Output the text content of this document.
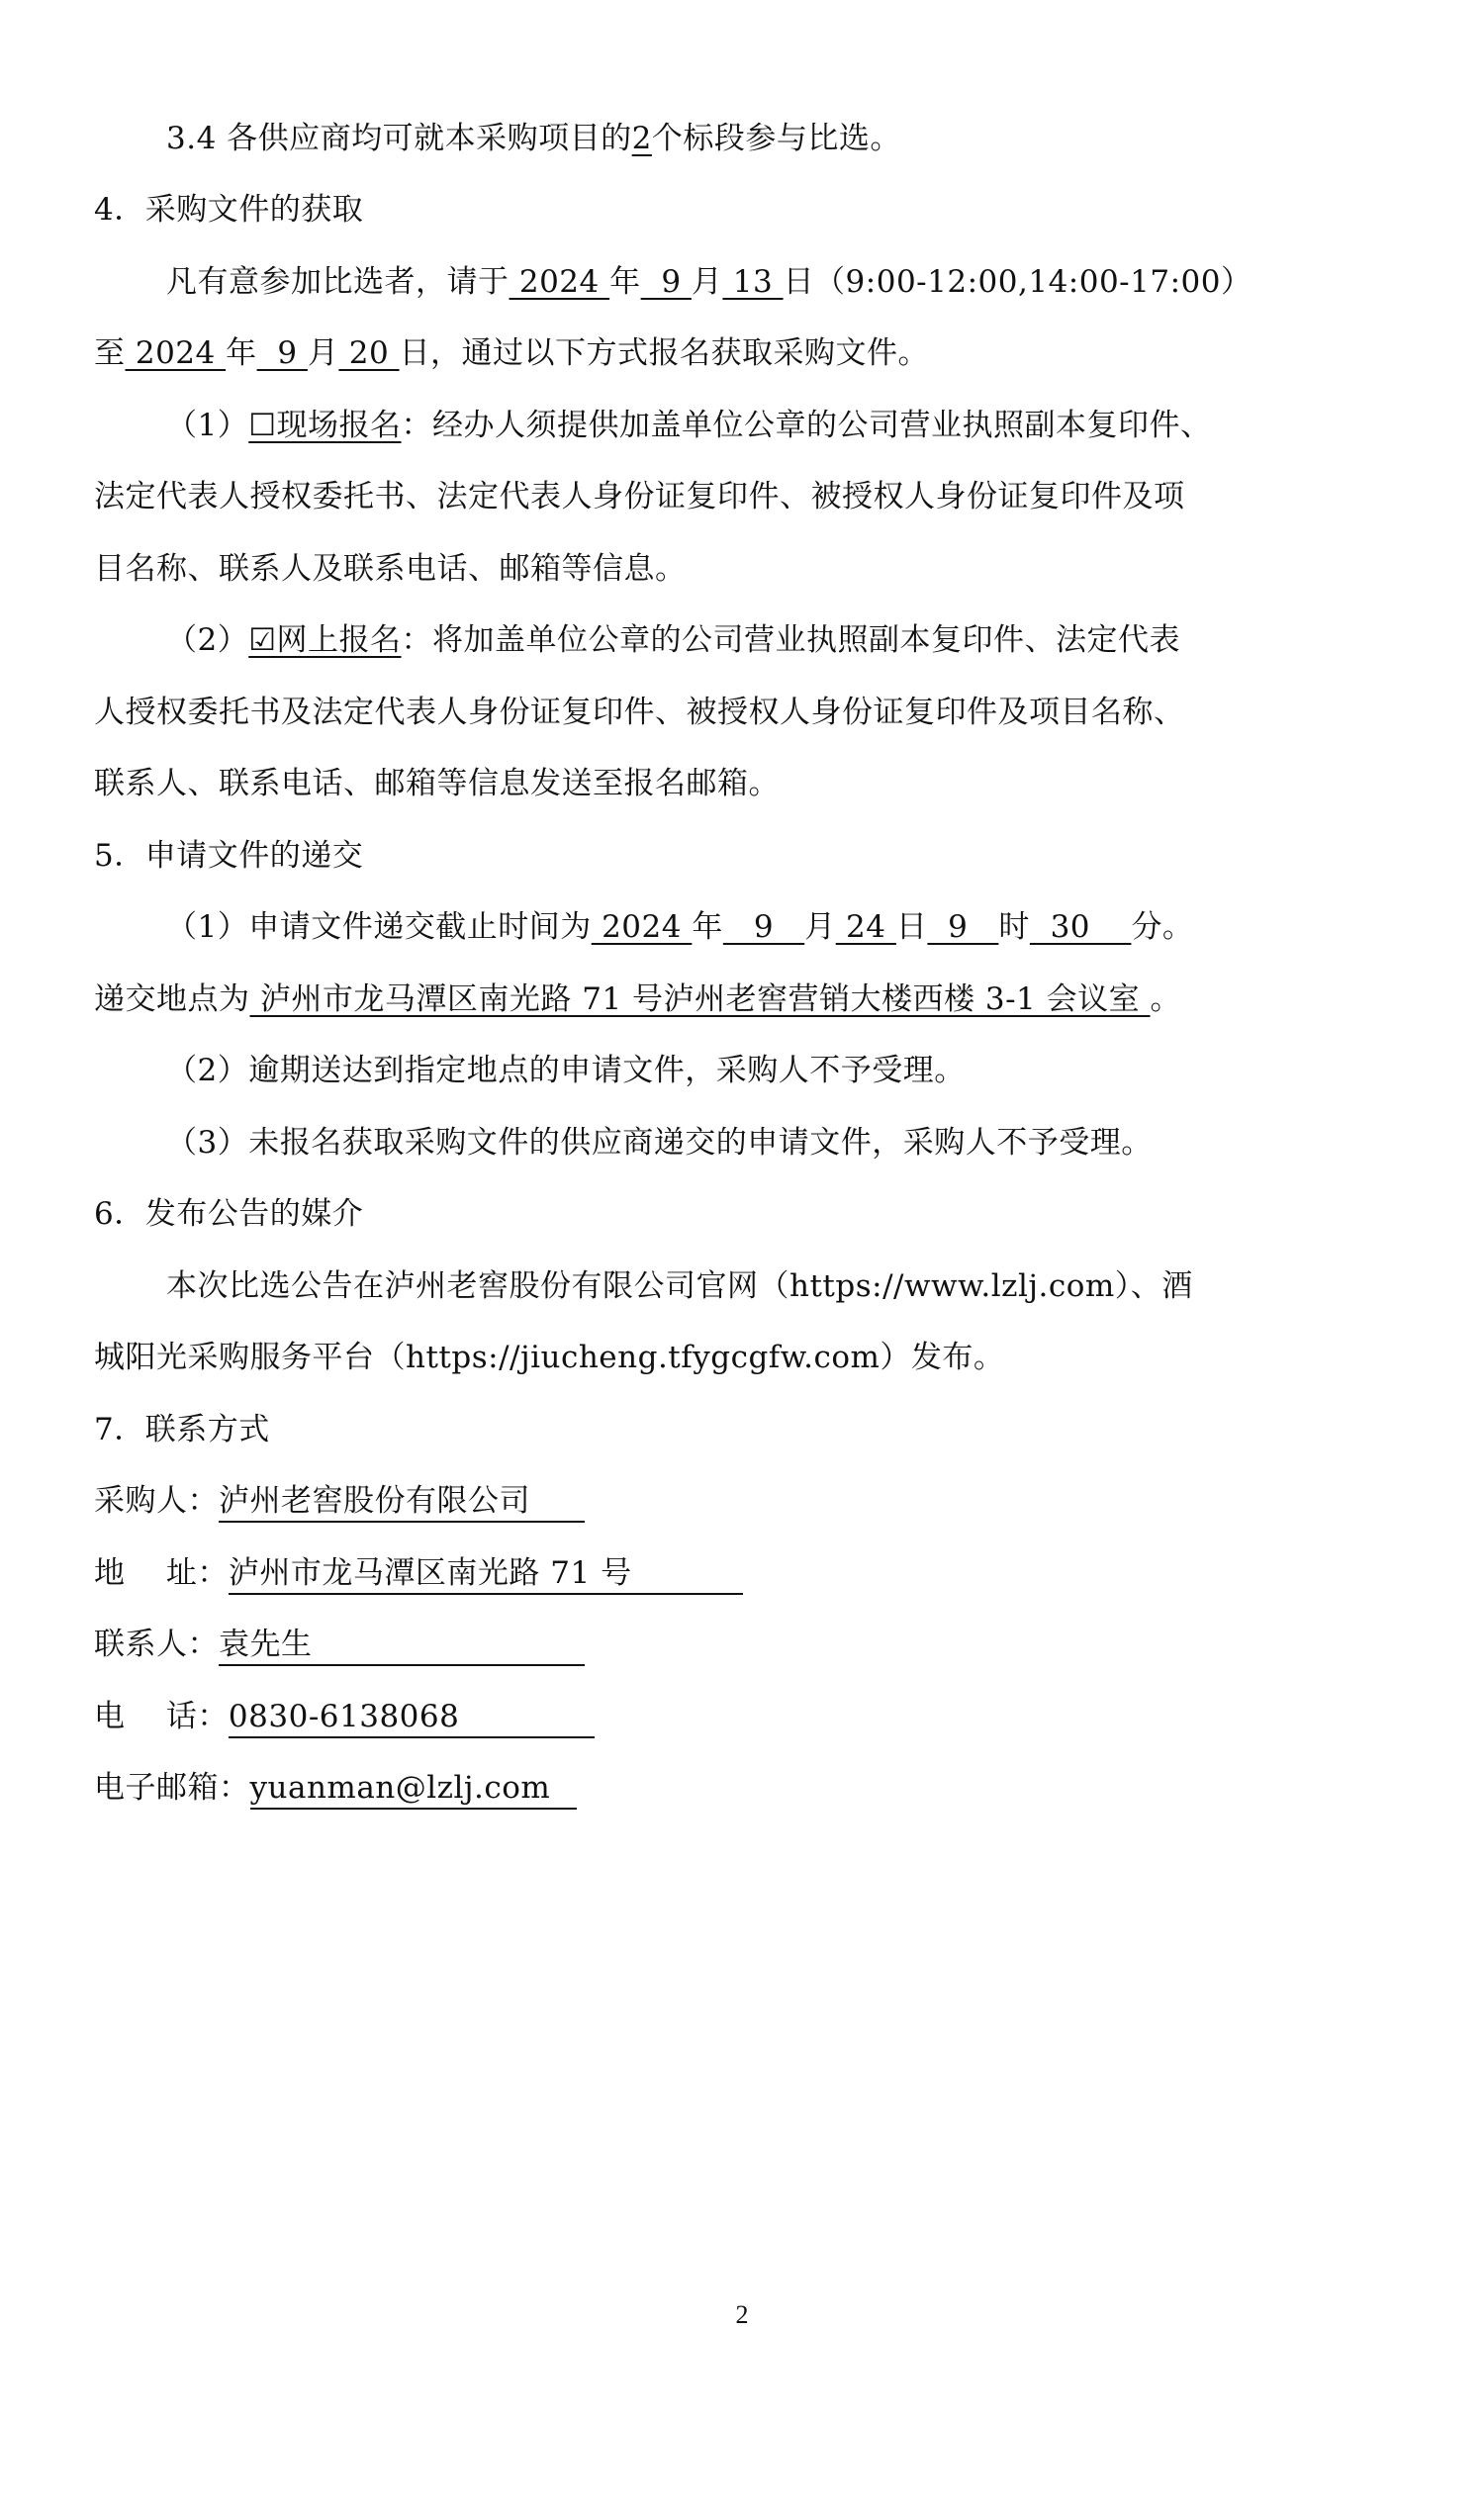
3.4 各供应商均可就本采购项目的2个标段参与比选。
4．采购文件的获取
凡有意参加比选者，请于 2024 年  9 月 13 日（9:00-12:00,14:00-17:00）
至 2024 年  9 月 20 日，通过以下方式报名获取采购文件。
（1）☐现场报名：经办人须提供加盖单位公章的公司营业执照副本复印件、
法定代表人授权委托书、法定代表人身份证复印件、被授权人身份证复印件及项
目名称、联系人及联系电话、邮箱等信息。
（2）☑网上报名：将加盖单位公章的公司营业执照副本复印件、法定代表
人授权委托书及法定代表人身份证复印件、被授权人身份证复印件及项目名称、
联系人、联系电话、邮箱等信息发送至报名邮箱。
5．申请文件的递交
（1）申请文件递交截止时间为 2024 年   9   月 24 日  9   时  30    分。
递交地点为 泸州市龙马潭区南光路 71 号泸州老窖营销大楼西楼 3-1 会议室 。
（2）逾期送达到指定地点的申请文件，采购人不予受理。
（3）未报名获取采购文件的供应商递交的申请文件，采购人不予受理。
6．发布公告的媒介
本次比选公告在泸州老窖股份有限公司官网（https://www.lzlj.com）、酒
城阳光采购服务平台（https://jiucheng.tfygcgfw.com）发布。
7．联系方式
采购人：泸州老窖股份有限公司
地    址：泸州市龙马潭区南光路 71 号
联系人：袁先生
电    话：0830-6138068
电子邮箱：yuanman@lzlj.com
2
